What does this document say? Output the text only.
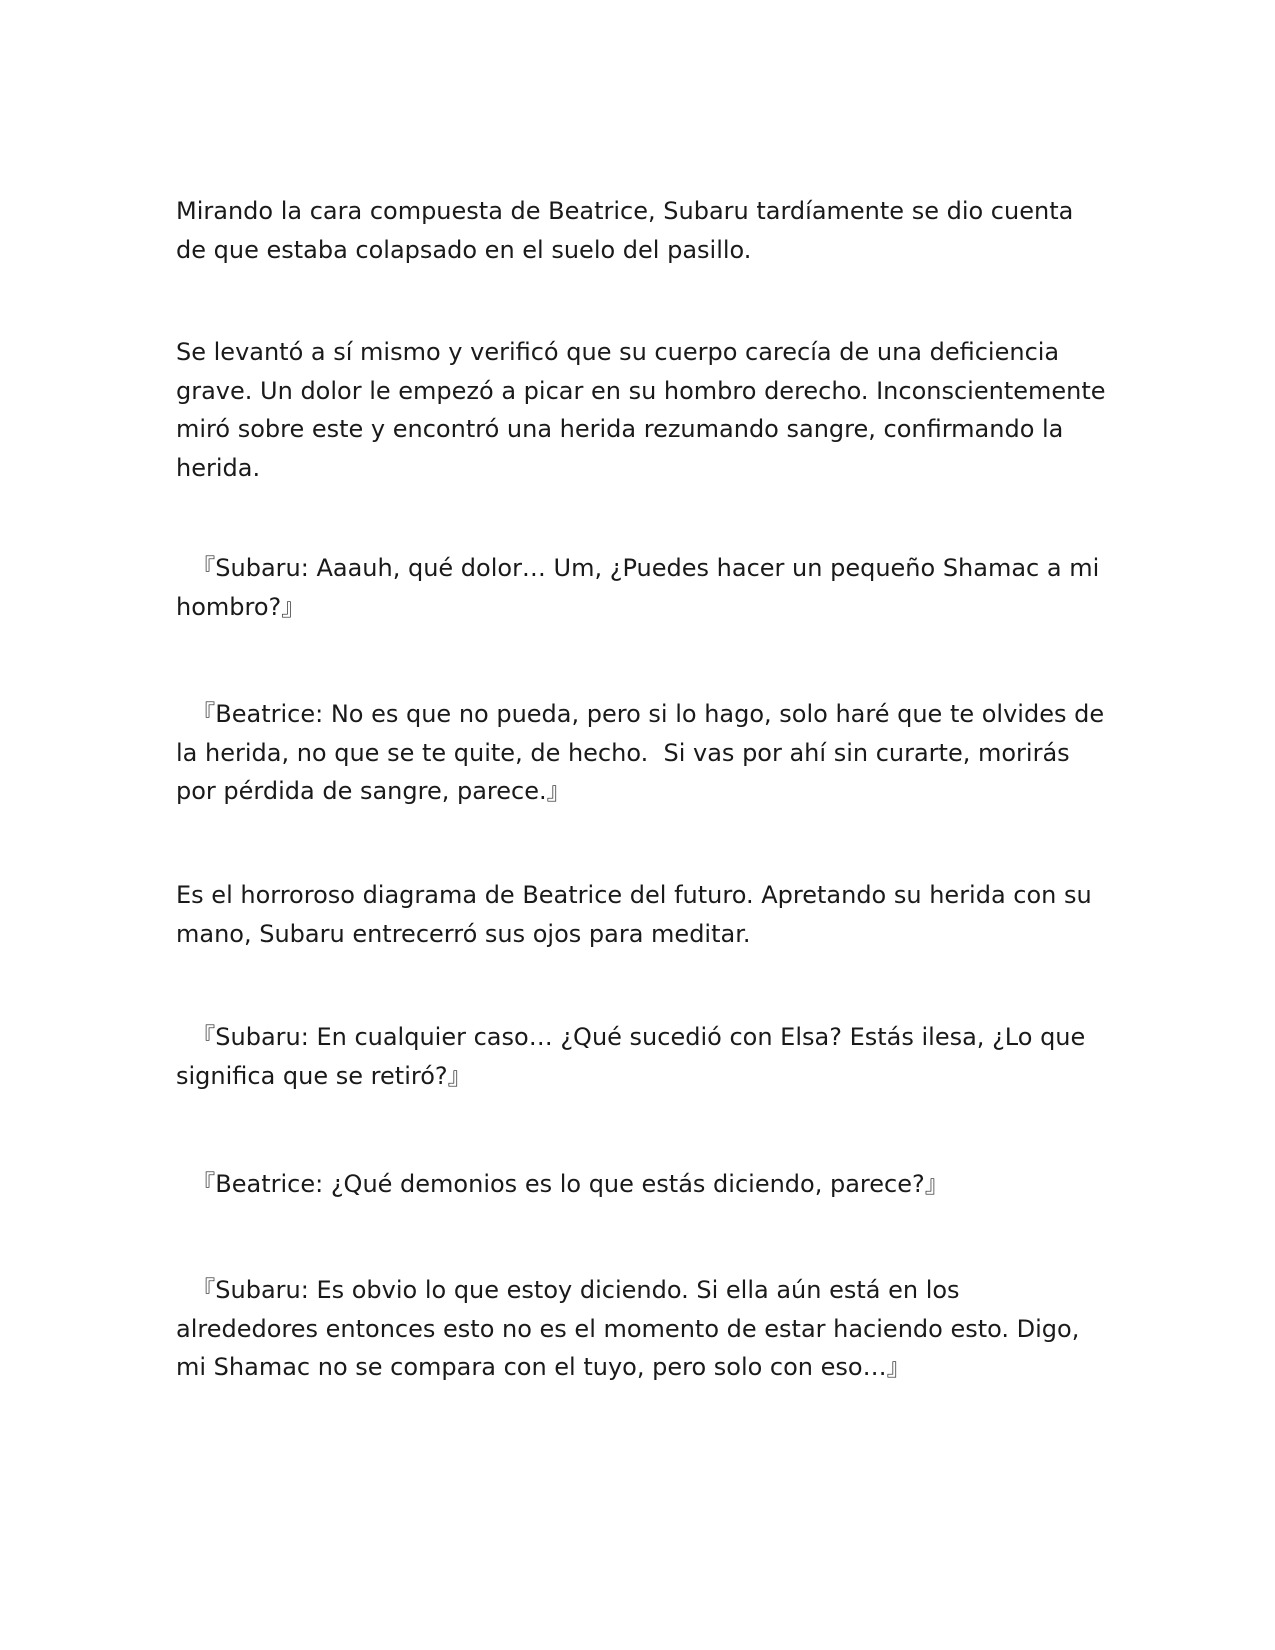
Mirando la cara compuesta de Beatrice, Subaru tardíamente se dio cuenta de que estaba colapsado en el suelo del pasillo.

Se levantó a sí mismo y verificó que su cuerpo carecía de una deficiencia grave. Un dolor le empezó a picar en su hombro derecho. Inconscientemente miró sobre este y encontró una herida rezumando sangre, confirmando la herida.

『Subaru: Aaauh, qué dolor… Um, ¿Puedes hacer un pequeño Shamac a mi hombro?』

『Beatrice: No es que no pueda, pero si lo hago, solo haré que te olvides de la herida, no que se te quite, de hecho.  Si vas por ahí sin curarte, morirás por pérdida de sangre, parece.』

Es el horroroso diagrama de Beatrice del futuro. Apretando su herida con su mano, Subaru entrecerró sus ojos para meditar.

『Subaru: En cualquier caso… ¿Qué sucedió con Elsa? Estás ilesa, ¿Lo que significa que se retiró?』

『Beatrice: ¿Qué demonios es lo que estás diciendo, parece?』

『Subaru: Es obvio lo que estoy diciendo. Si ella aún está en los alrededores entonces esto no es el momento de estar haciendo esto. Digo, mi Shamac no se compara con el tuyo, pero solo con eso…』
